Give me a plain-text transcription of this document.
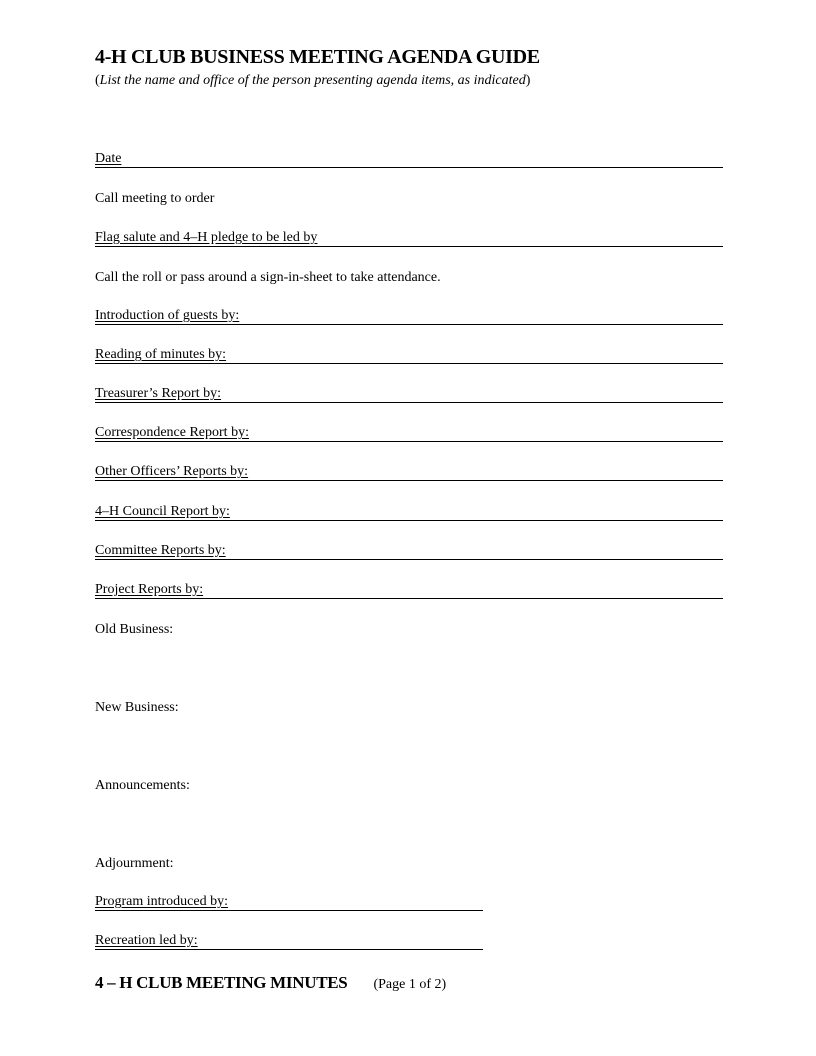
4-H CLUB BUSINESS MEETING AGENDA GUIDE
(List the name and office of the person presenting agenda items, as indicated)
Date
Call meeting to order
Flag salute and 4–H pledge to be led by
Call the roll or pass around a sign-in-sheet to take attendance.
Introduction of guests by:
Reading of minutes by:
Treasurer’s Report by:
Correspondence Report by:
Other Officers’ Reports by:
4–H Council Report by:
Committee Reports by:
Project Reports by:
Old Business:
New Business:
Announcements:
Adjournment:
Program introduced by:
Recreation led by:
4 – H CLUB MEETING MINUTES (Page 1 of 2)
